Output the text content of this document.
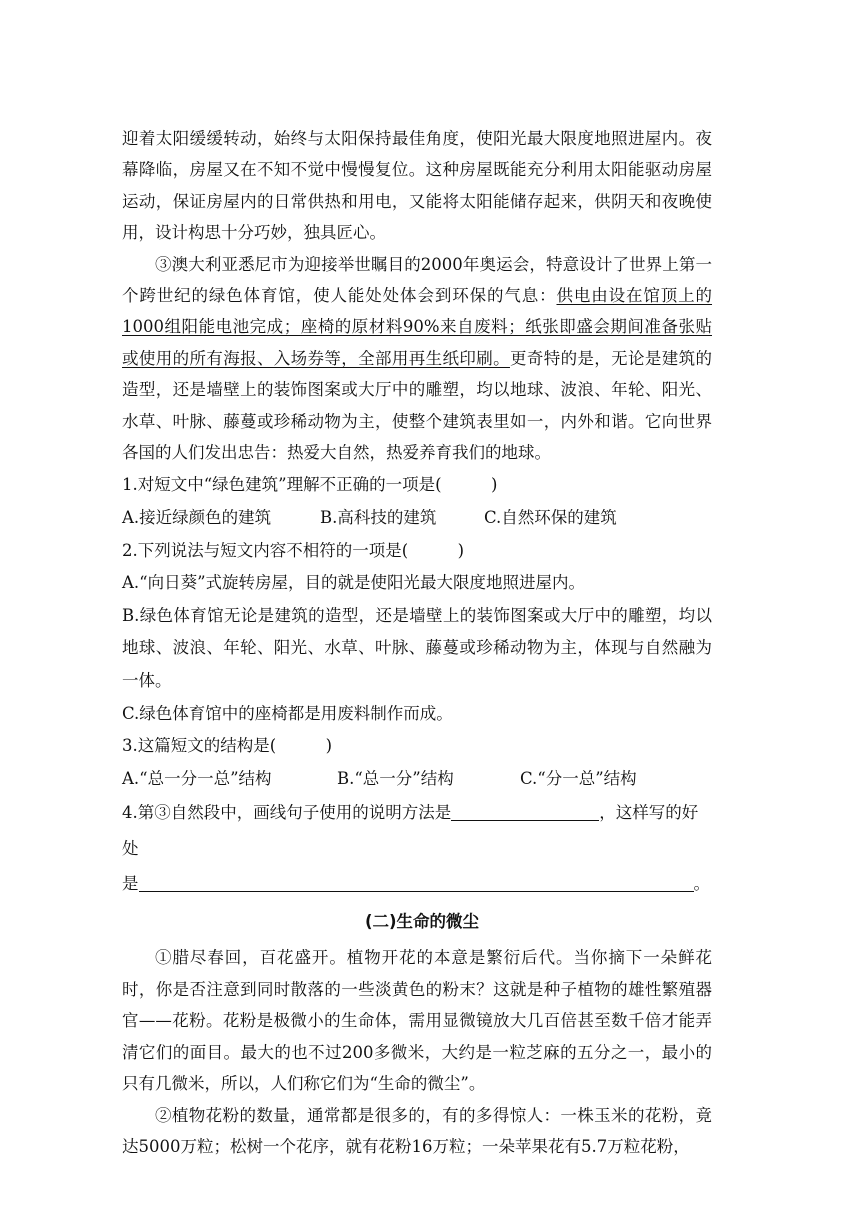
迎着太阳缓缓转动，始终与太阳保持最佳角度，使阳光最大限度地照进屋内。夜幕降临，房屋又在不知不觉中慢慢复位。这种房屋既能充分利用太阳能驱动房屋运动，保证房屋内的日常供热和用电，又能将太阳能储存起来，供阴天和夜晚使用，设计构思十分巧妙，独具匠心。

③澳大利亚悉尼市为迎接举世瞩目的2000年奥运会，特意设计了世界上第一个跨世纪的绿色体育馆，使人能处处体会到环保的气息：供电由设在馆顶上的1000组阳能电池完成；座椅的原材料90%来自废料；纸张即盛会期间准备张贴或使用的所有海报、入场券等，全部用再生纸印刷。更奇特的是，无论是建筑的造型，还是墙壁上的装饰图案或大厅中的雕塑，均以地球、波浪、年轮、阳光、水草、叶脉、藤蔓或珍稀动物为主，使整个建筑表里如一，内外和谐。它向世界各国的人们发出忠告：热爱大自然，热爱养育我们的地球。

1.对短文中“绿色建筑”理解不正确的一项是(　　　)

A.接近绿颜色的建筑	B.高科技的建筑	C.自然环保的建筑

2.下列说法与短文内容不相符的一项是(　　　)

A.“向日葵”式旋转房屋，目的就是使阳光最大限度地照进屋内。

B.绿色体育馆无论是建筑的造型，还是墙壁上的装饰图案或大厅中的雕塑，均以地球、波浪、年轮、阳光、水草、叶脉、藤蔓或珍稀动物为主，体现与自然融为一体。

C.绿色体育馆中的座椅都是用废料制作而成。

3.这篇短文的结构是(　　　)

A.“总一分一总”结构	B.“总一分”结构	C.“分一总”结构

4.第③自然段中，画线句子使用的说明方法是	，这样写的好处

是	。

(二)生命的微尘

①腊尽春回，百花盛开。植物开花的本意是繁衍后代。当你摘下一朵鲜花时，你是否注意到同时散落的一些淡黄色的粉末？这就是种子植物的雄性繁殖器官——花粉。花粉是极微小的生命体，需用显微镜放大几百倍甚至数千倍才能弄清它们的面目。最大的也不过200多微米，大约是一粒芝麻的五分之一，最小的只有几微米，所以，人们称它们为“生命的微尘”。

②植物花粉的数量，通常都是很多的，有的多得惊人：一株玉米的花粉，竟达5000万粒；松树一个花序，就有花粉16万粒；一朵苹果花有5.7万粒花粉，
